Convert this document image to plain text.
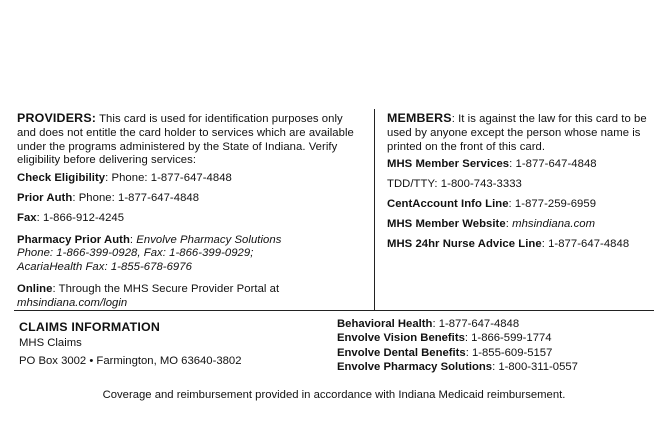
PROVIDERS: This card is used for identification purposes only and does not entitle the card holder to services which are available under the programs administered by the State of Indiana. Verify eligibility before delivering services:

Check Eligibility: Phone: 1-877-647-4848

Prior Auth: Phone: 1-877-647-4848

Fax: 1-866-912-4245

Pharmacy Prior Auth: Envolve Pharmacy Solutions
Phone: 1-866-399-0928, Fax: 1-866-399-0929;
AcariaHealth Fax: 1-855-678-6976

Online: Through the MHS Secure Provider Portal at
mhsindiana.com/login

MEMBERS: It is against the law for this card to be used by anyone except the person whose name is printed on the front of this card.

MHS Member Services: 1-877-647-4848

TDD/TTY: 1-800-743-3333

CentAccount Info Line: 1-877-259-6959

MHS Member Website: mhsindiana.com

MHS 24hr Nurse Advice Line: 1-877-647-4848

CLAIMS INFORMATION
MHS Claims
PO Box 3002 • Farmington, MO 63640-3802
Behavioral Health: 1-877-647-4848
Envolve Vision Benefits: 1-866-599-1774
Envolve Dental Benefits: 1-855-609-5157
Envolve Pharmacy Solutions: 1-800-311-0557
Coverage and reimbursement provided in accordance with Indiana Medicaid reimbursement.
